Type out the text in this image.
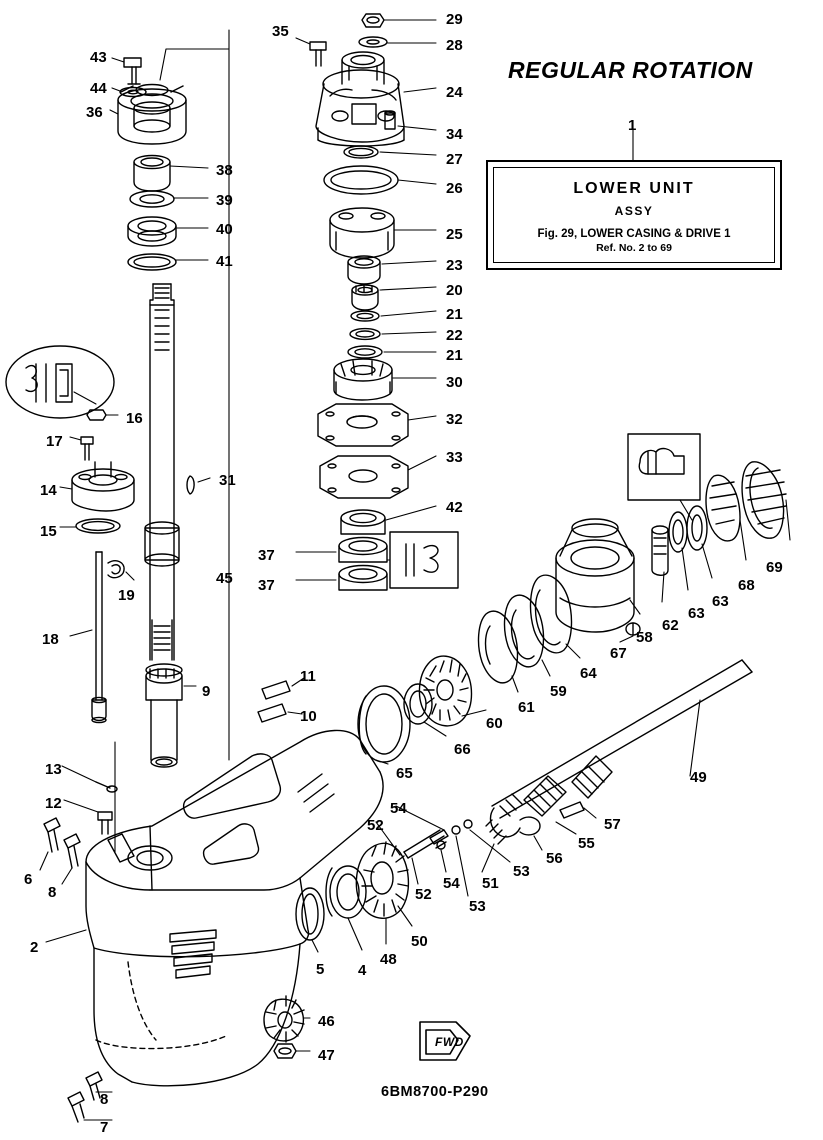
REGULAR ROTATION
LOWER UNIT
ASSY
Fig. 29, LOWER CASING & DRIVE 1
Ref. No. 2 to 69
6BM8700-P290
FWD
29
28
35
43
44
36
24
34
27
26
1
38
39
40
41
25
23
20
21
22
21
30
32
33
16
17
14
31
15
19
18
45
42
37
37
69
68
63
63
62
58
67
64
59
61
60
66
65
11
10
9
49
13
12
6
8
2
54
52	57
55
56
53
51
54
52
53
50
48
4
5
46
47
8
7
